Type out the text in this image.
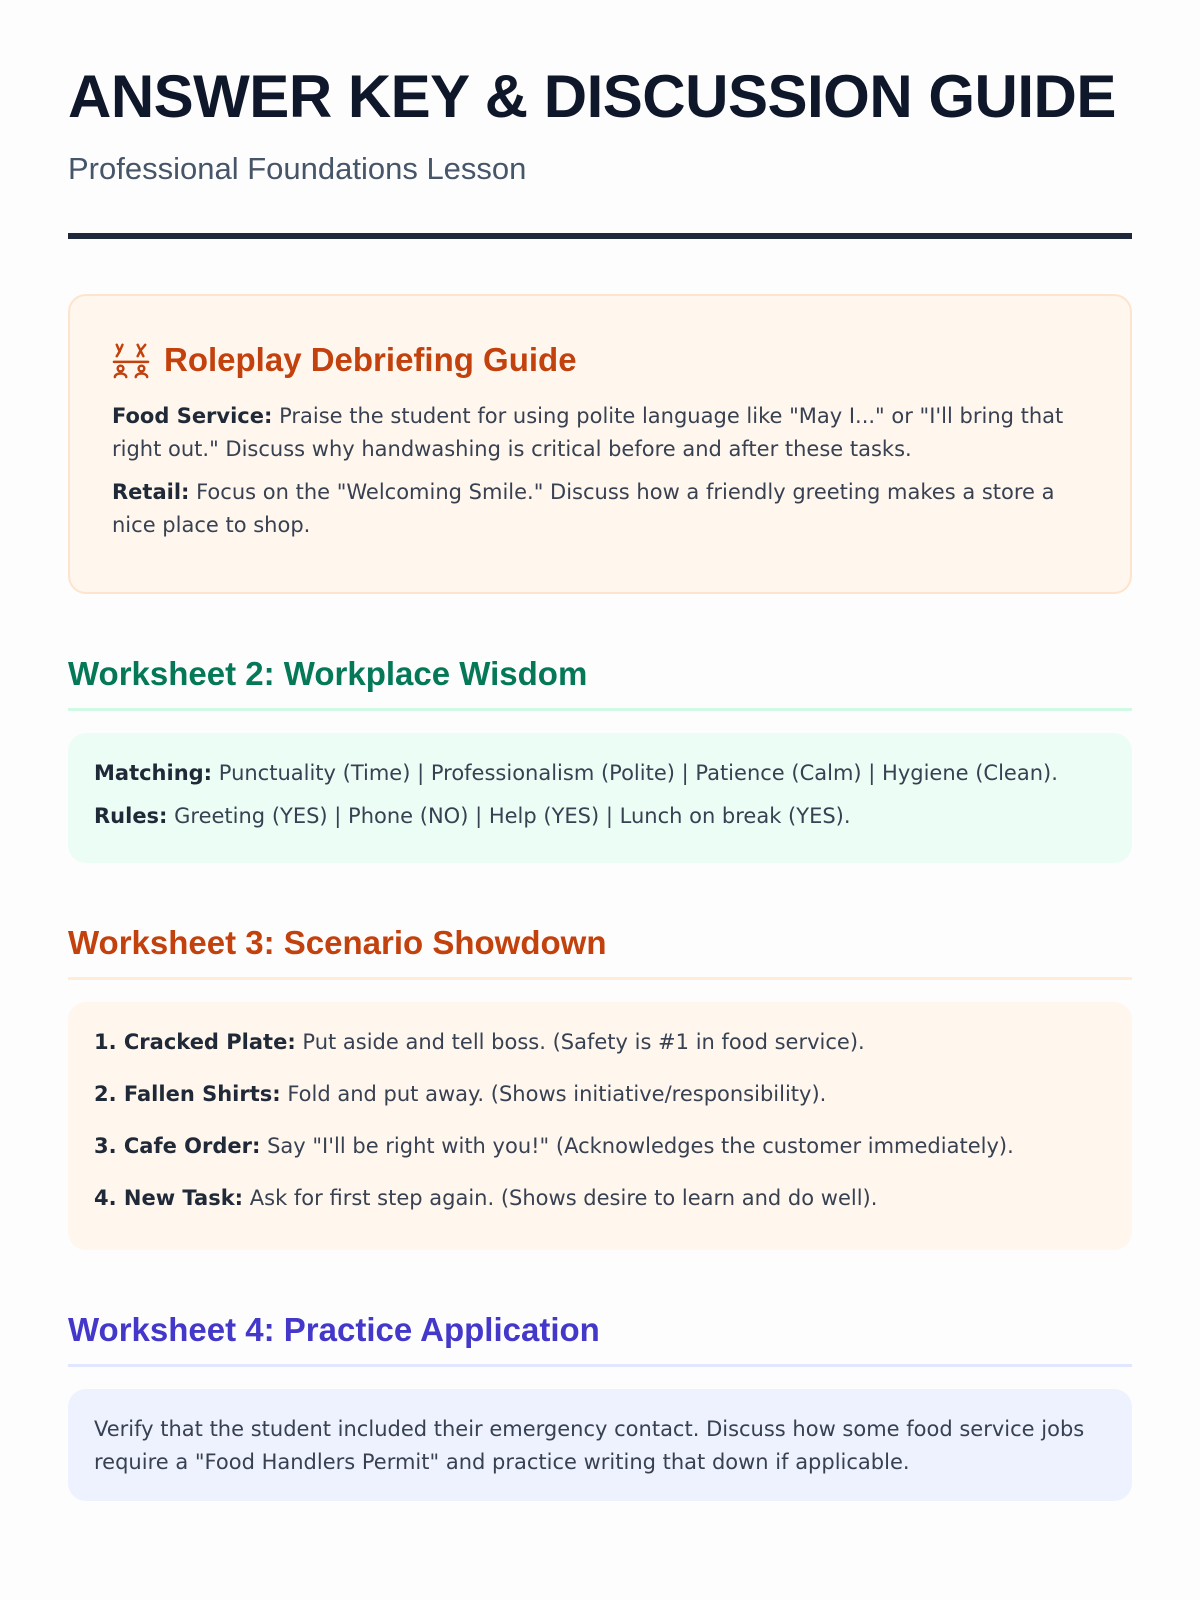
ANSWER KEY & DISCUSSION GUIDE
Professional Foundations Lesson
Roleplay Debriefing Guide

Food Service: Praise the student for using polite language like "May I..." or "I'll bring that right out." Discuss why handwashing is critical before and after these tasks.

Retail: Focus on the "Welcoming Smile." Discuss how a friendly greeting makes a store a nice place to shop.

Worksheet 2: Workplace Wisdom

Matching: Punctuality (Time) | Professionalism (Polite) | Patience (Calm) | Hygiene (Clean).

Rules: Greeting (YES) | Phone (NO) | Help (YES) | Lunch on break (YES).

Worksheet 3: Scenario Showdown

1. Cracked Plate: Put aside and tell boss. (Safety is #1 in food service).

2. Fallen Shirts: Fold and put away. (Shows initiative/responsibility).

3. Cafe Order: Say "I'll be right with you!" (Acknowledges the customer immediately).

4. New Task: Ask for first step again. (Shows desire to learn and do well).

Worksheet 4: Practice Application

Verify that the student included their emergency contact. Discuss how some food service jobs require a "Food Handlers Permit" and practice writing that down if applicable.
